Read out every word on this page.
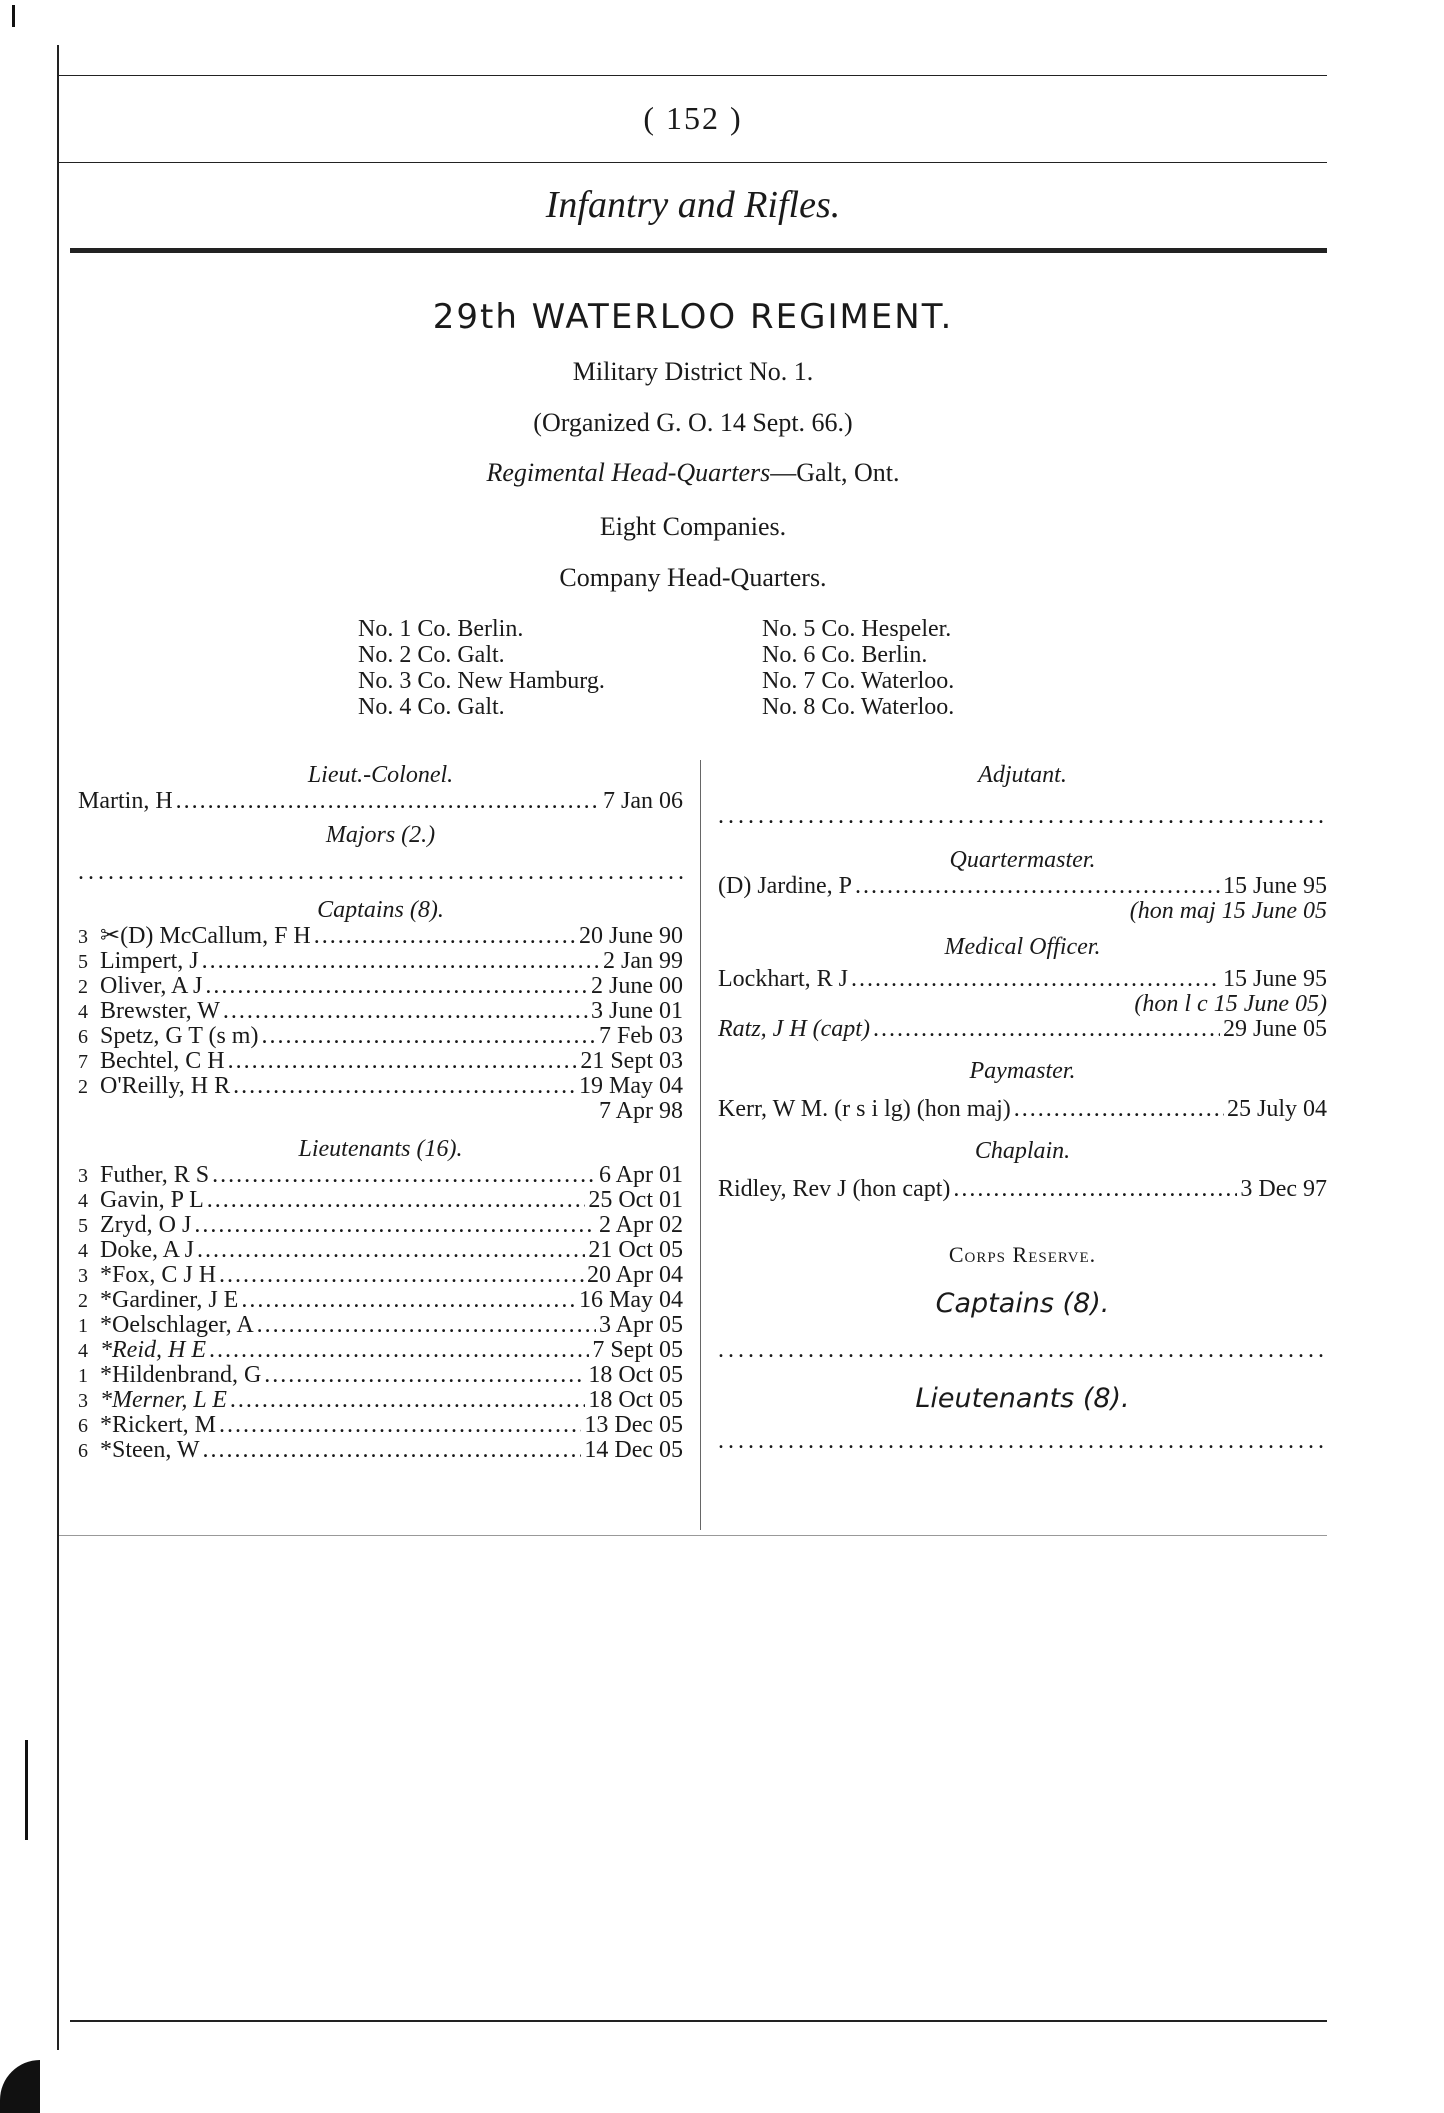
( 152 )
Infantry and Rifles.
29th WATERLOO REGIMENT.
Military District No. 1.
(Organized G. O. 14 Sept. 66.)
Regimental Head-Quarters—Galt, Ont.
Eight Companies.
Company Head-Quarters.
No. 1 Co. Berlin.
No. 2 Co. Galt.
No. 3 Co. New Hamburg.
No. 4 Co. Galt.
No. 5 Co. Hespeler.
No. 6 Co. Berlin.
No. 7 Co. Waterloo.
No. 8 Co. Waterloo.

Lieut.-Colonel.

Martin, H .....	7 Jan 06

Majors (2.)

.....

Captains (8).

3 ✂(D) McCallum, F H .....	20 June 90
5 Limpert, J .....	2 Jan 99
2 Oliver, A J .....	2 June 00
4 Brewster, W .....	3 June 01
6 Spetz, G T (s m) .....	7 Feb 03
7 Bechtel, C H .....	21 Sept 03
2 O'Reilly, H R .....	19 May 04
7 Apr 98

Lieutenants (16).

3 Futher, R S .....	6 Apr 01
4 Gavin, P L .....	25 Oct 01
5 Zryd, O J .....	2 Apr 02
4 Doke, A J .....	21 Oct 05
3 *Fox, C J H .....	20 Apr 04
2 *Gardiner, J E .....	16 May 04
1 *Oelschlager, A .....	3 Apr 05
4 *Reid, H E .....	7 Sept 05
1 *Hildenbrand, G .....	18 Oct 05
3 *Merner, L E .....	18 Oct 05
6 *Rickert, M .....	13 Dec 05
6 *Steen, W .....	14 Dec 05

Adjutant.

.....

Quartermaster.

(D) Jardine, P .....	15 June 95
(hon maj 15 June 05

Medical Officer.

Lockhart, R J .....	15 June 95
(hon l c 15 June 05)
Ratz, J H (capt) .....	29 June 05

Paymaster.

Kerr, W M. (r s i lg) (hon maj) .....	25 July 04

Chaplain.

Ridley, Rev J (hon capt) .....	3 Dec 97
Corps Reserve.
Captains (8).
.....
Lieutenants (8).
.....
